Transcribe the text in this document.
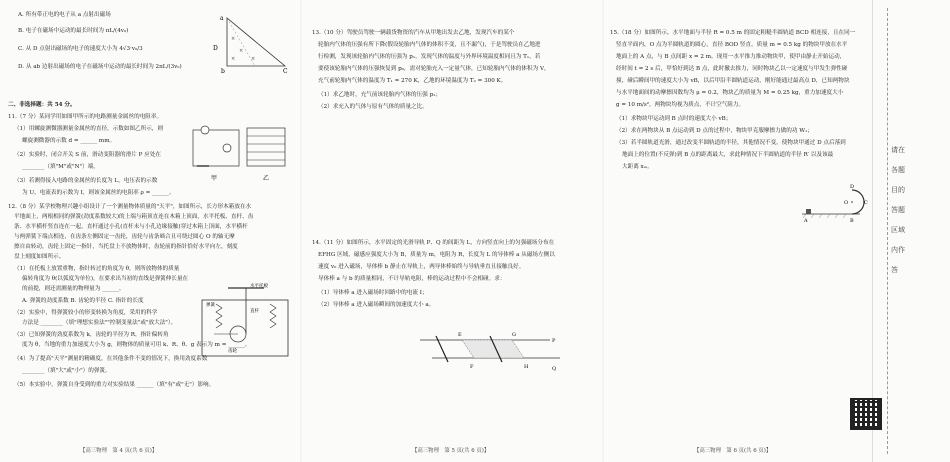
A. 所有带正电的电子从 a 点射出磁场
B. 电子在磁场中运动的最长时间为 πL/(4v₀)
C. 从 D 点射出磁场的电子的速度大小为 4√3·v₀/3
D. 从 ab 边射出磁场的电子在磁场中运动的最长时间为 2πL/(3v₀)
×
×
×	×
a
D
b	C
二、非选择题：共 54 分。
11.（7 分）某同学用如图甲所示的电路测量金属丝的电阻率。
（1）用螺旋测微器测量金属丝的直径，示数如图乙所示，则
螺旋测微器的示数 d = ______ mm。
（2）实验时，闭合开关 S 前，滑动变阻器的滑片 P 应处在
________（填"M"或"N"）端。
（3）若测得接入电路的金属丝的长度为 L，电压表的示数
为 U，电流表的示数为 I，则该金属丝的电阻率 ρ = ______。
甲	乙
12.（8 分）某学校物理兴趣小组设计了一个测量物体质量的"天平"，如图所示，长方形木箱放在水
平地面上，两根相同的弹簧(劲度系数较大)的上端与箱顶直连在木箱上顶面，水平托板、直杆、齿
条、水平横杆竖直连在一起，直杆通过小孔(直杆未与小孔边缘接触)穿过木箱上顶面，水平横杆
与两弹簧下端点相连，在齿条左侧固定一齿轮，齿轮与齿条啮合且可绕过圆心 O 的轴无摩
擦自由转动，齿轮上固定一指针，当托盘上不放物体时，齿轮前的指针恰好水平向左，刻度
盘上刻度如图所示。
（1）在托板上放置重物，指针转过的角度为 θ，则所放物体的质量
偏转角度为 θ(以弧度为单位)，在要求出当初的直线是弹簧伸长量在
的前提，则还需测量的物理量为 ______。
A. 弹簧的劲度系数 B. 齿轮的半径 C. 指针的长度
（2）实验中，得弹簧较小的形变转换为角度，采用的科学
方法是 ________（填"理想实验法""控制变量法"或"放大法"）。
（3）已知弹簧的劲度系数为 k，齿轮的半径为 R，指针偏转角
度为 θ，当地的重力加速度大小为 g，则物体的质量可用 k、R、θ、g 表示为 m = ______。
（4）为了提高"天平"测量的精确度，在其他条件不变的情况下，换用劲度系数
________（填"大"或"小"）的弹簧。
（5）本实验中，弹簧自身受到的重力对实验结果 ______（填"有"或"无"）影响。
水平托板
直杆
齿轮
弹簧
【高三物理　第 4 页(共 6 页)】
13.（10 分）驾驶员驾驶一辆载货物资的汽车从甲地出发去乙地，发现汽车的某个
轮胎内气体的压强有所下降(假设轮胎内气体的体积不变，且不漏气)，于是驾驶员在乙地进
行检测，发现该轮胎内气体的压强为 p₁，发现气体的温度与外界环境温度相同且为 T₁，若
要使该轮胎内气体的压强恢复到 p₀，需对轮胎充入一定量气体，已知轮胎内气体的体积为 V，
充气前轮胎内气体的温度为 T₁ = 270 K，乙地的环境温度为 T₂ = 300 K。
（1）求乙地时，充气前该轮胎内气体的压强 p₂；
（2）求充入的气体与原有气体的质量之比。
14.（11 分）如图所示，水平固定的光滑导轨 P、Q 的间距为 L，方向竖直向上的匀强磁场分布在
EFHG 区域，磁感应强度大小为 B，质量为 m，电阻为 R，长度为 L 的导体棒 a 从磁场左侧以
速度 v₀ 进入磁场，导体棒 b 静止在导轨上，两导体棒始终与导轨垂直且接触良好。
导体棒 a 与 b 的质量相同，不计导轨电阻，棒的运动过程中不会相碰。求：
（1）导体棒 a 进入磁场时回路中的电流 I；
（2）导体棒 a 进入磁场瞬间的加速度大小 a。
E	G
F	H
P
Q
【高三物理　第 5 页(共 6 页)】
15.（18 分）如图所示，水平地面与半径 R = 0.5 m 的固定粗糙半圆轨道 BCD 相连接，且在同一
竖直平面内，O 点为半圆轨道的圆心，直径 BOD 竖直。质量 m = 0.5 kg 的物块甲放在水平
地面上的 A 点，与 B 点间距 x = 2 m。现用一水平推力推动物块甲，使甲由静止开始运动，
经时间 t = 2 s 后，甲恰好到达 B 点，此时撤去推力，同时物块乙以一定速度与甲发生弹性碰
撞，碰后瞬间甲的速度大小为 vB，以后甲沿半圆轨道运动，刚好能通过最高点 D，已知两物块
与水平地面间的动摩擦因数均为 μ = 0.2，物块乙的质量为 M = 0.25 kg，重力加速度大小
g = 10 m/s²，两物块均视为质点，不计空气阻力。
（1）求物块甲运动到 B 点时的速度大小 vB；
（2）求在两物块从 B 点运动到 D 点的过程中，物块甲克服摩擦力做的功 W₁；
（3）若半圆轨道光滑，通过改变半圆轨道的半径，其他情况不变，使物块甲通过 D 点后落到
地面上的位置(不反弹)到 B 点的距离最大，求此种情况下半圆轨道的半径 R′ 以及该最
大距离 xₘ。
A	B
C
D
O
【高三物理　第 6 页(共 6 页)】
请在各题目的答题区域内作答
